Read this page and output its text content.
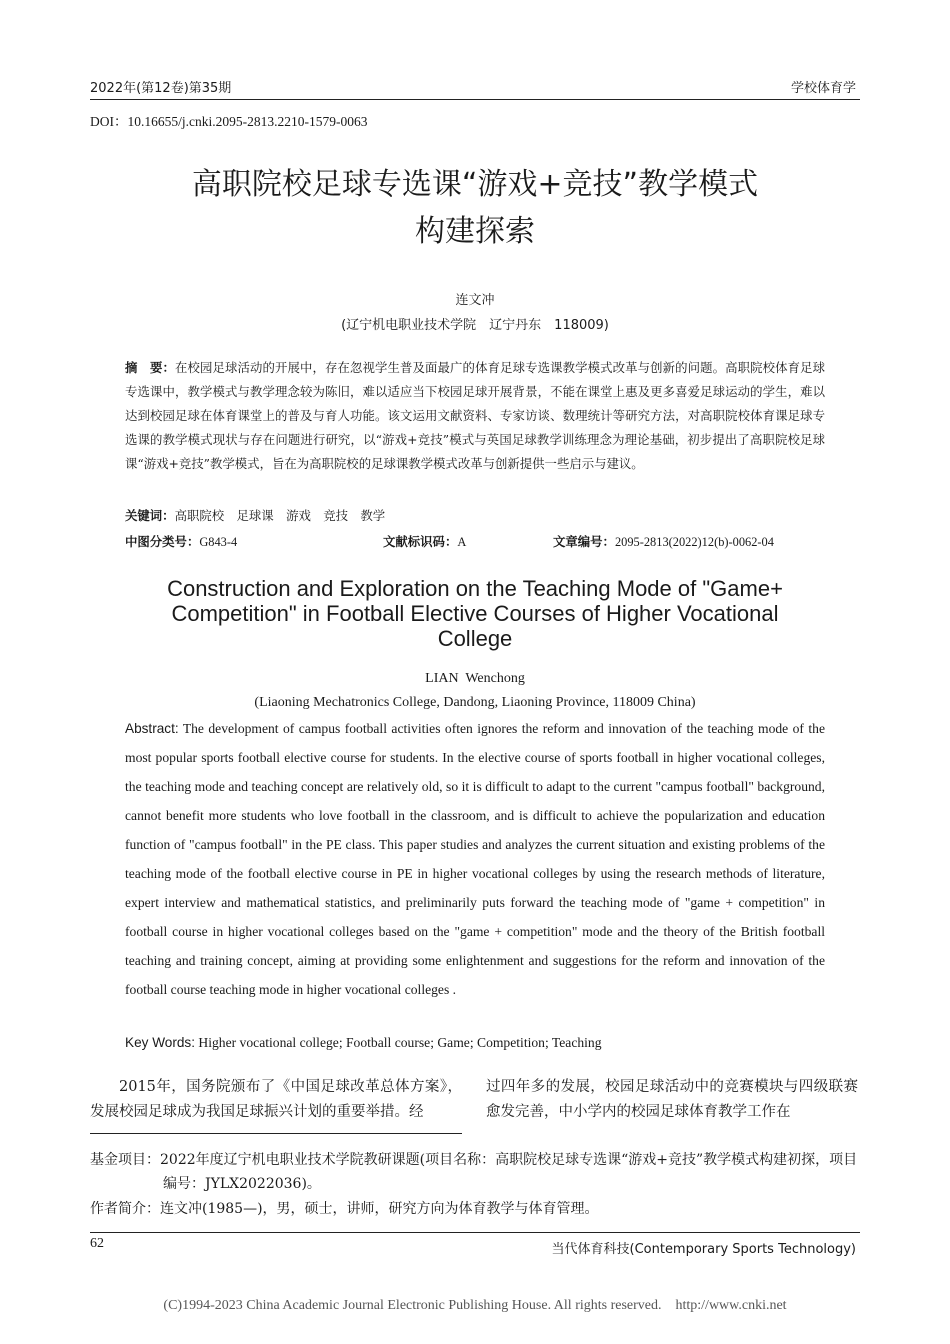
2022年(第12卷)第35期	学校体育学
DOI：10.16655/j.cnki.2095-2813.2210-1579-0063
高职院校足球专选课“游戏+竞技”教学模式
构建探索
连文冲
(辽宁机电职业技术学院　辽宁丹东　118009)
摘　要：在校园足球活动的开展中，存在忽视学生普及面最广的体育足球专选课教学模式改革与创新的问题。高职院校体育足球专选课中，教学模式与教学理念较为陈旧，难以适应当下校园足球开展背景，不能在课堂上惠及更多喜爱足球运动的学生，难以达到校园足球在体育课堂上的普及与育人功能。该文运用文献资料、专家访谈、数理统计等研究方法，对高职院校体育课足球专选课的教学模式现状与存在问题进行研究，以“游戏+竞技”模式与英国足球教学训练理念为理论基础，初步提出了高职院校足球课“游戏+竞技”教学模式，旨在为高职院校的足球课教学模式改革与创新提供一些启示与建议。
关键词：高职院校　足球课　游戏　竞技　教学
中图分类号：G843-4	文献标识码：A	文章编号：2095-2813(2022)12(b)-0062-04
Construction and Exploration on the Teaching Mode of "Game+
Competition" in Football Elective Courses of Higher Vocational
College
LIAN  Wenchong
(Liaoning Mechatronics College, Dandong, Liaoning Province, 118009 China)
Abstract: The development of campus football activities often ignores the reform and innovation of the teaching mode of the most popular sports football elective course for students. In the elective course of sports football in higher vocational colleges, the teaching mode and teaching concept are relatively old, so it is difficult to adapt to the current "campus football" background, cannot benefit more students who love football in the classroom, and is difficult to achieve the popularization and education function of "campus football" in the PE class. This paper studies and analyzes the current situation and existing problems of the teaching mode of the football elective course in PE in higher vocational colleges by using the research methods of literature, expert interview and mathematical statistics, and preliminarily puts forward the teaching mode of "game + competition" in football course in higher vocational colleges based on the "game + competition" mode and the theory of the British football teaching and training concept, aiming at providing some enlightenment and suggestions for the reform and innovation of the football course teaching mode in higher vocational colleges .
Key Words: Higher vocational college; Football course; Game; Competition; Teaching
2015年，国务院颁布了《中国足球改革总体方案》，发展校园足球成为我国足球振兴计划的重要举措。经
过四年多的发展，校园足球活动中的竞赛模块与四级联赛愈发完善，中小学内的校园足球体育教学工作在
基金项目：2022年度辽宁机电职业技术学院教研课题(项目名称：高职院校足球专选课“游戏+竞技”教学模式构建初探，项目编号：JYLX2022036)。
作者简介：连文冲(1985—)，男，硕士，讲师，研究方向为体育教学与体育管理。
62	当代体育科技(Contemporary Sports Technology)
(C)1994-2023 China Academic Journal Electronic Publishing House. All rights reserved.    http://www.cnki.net
